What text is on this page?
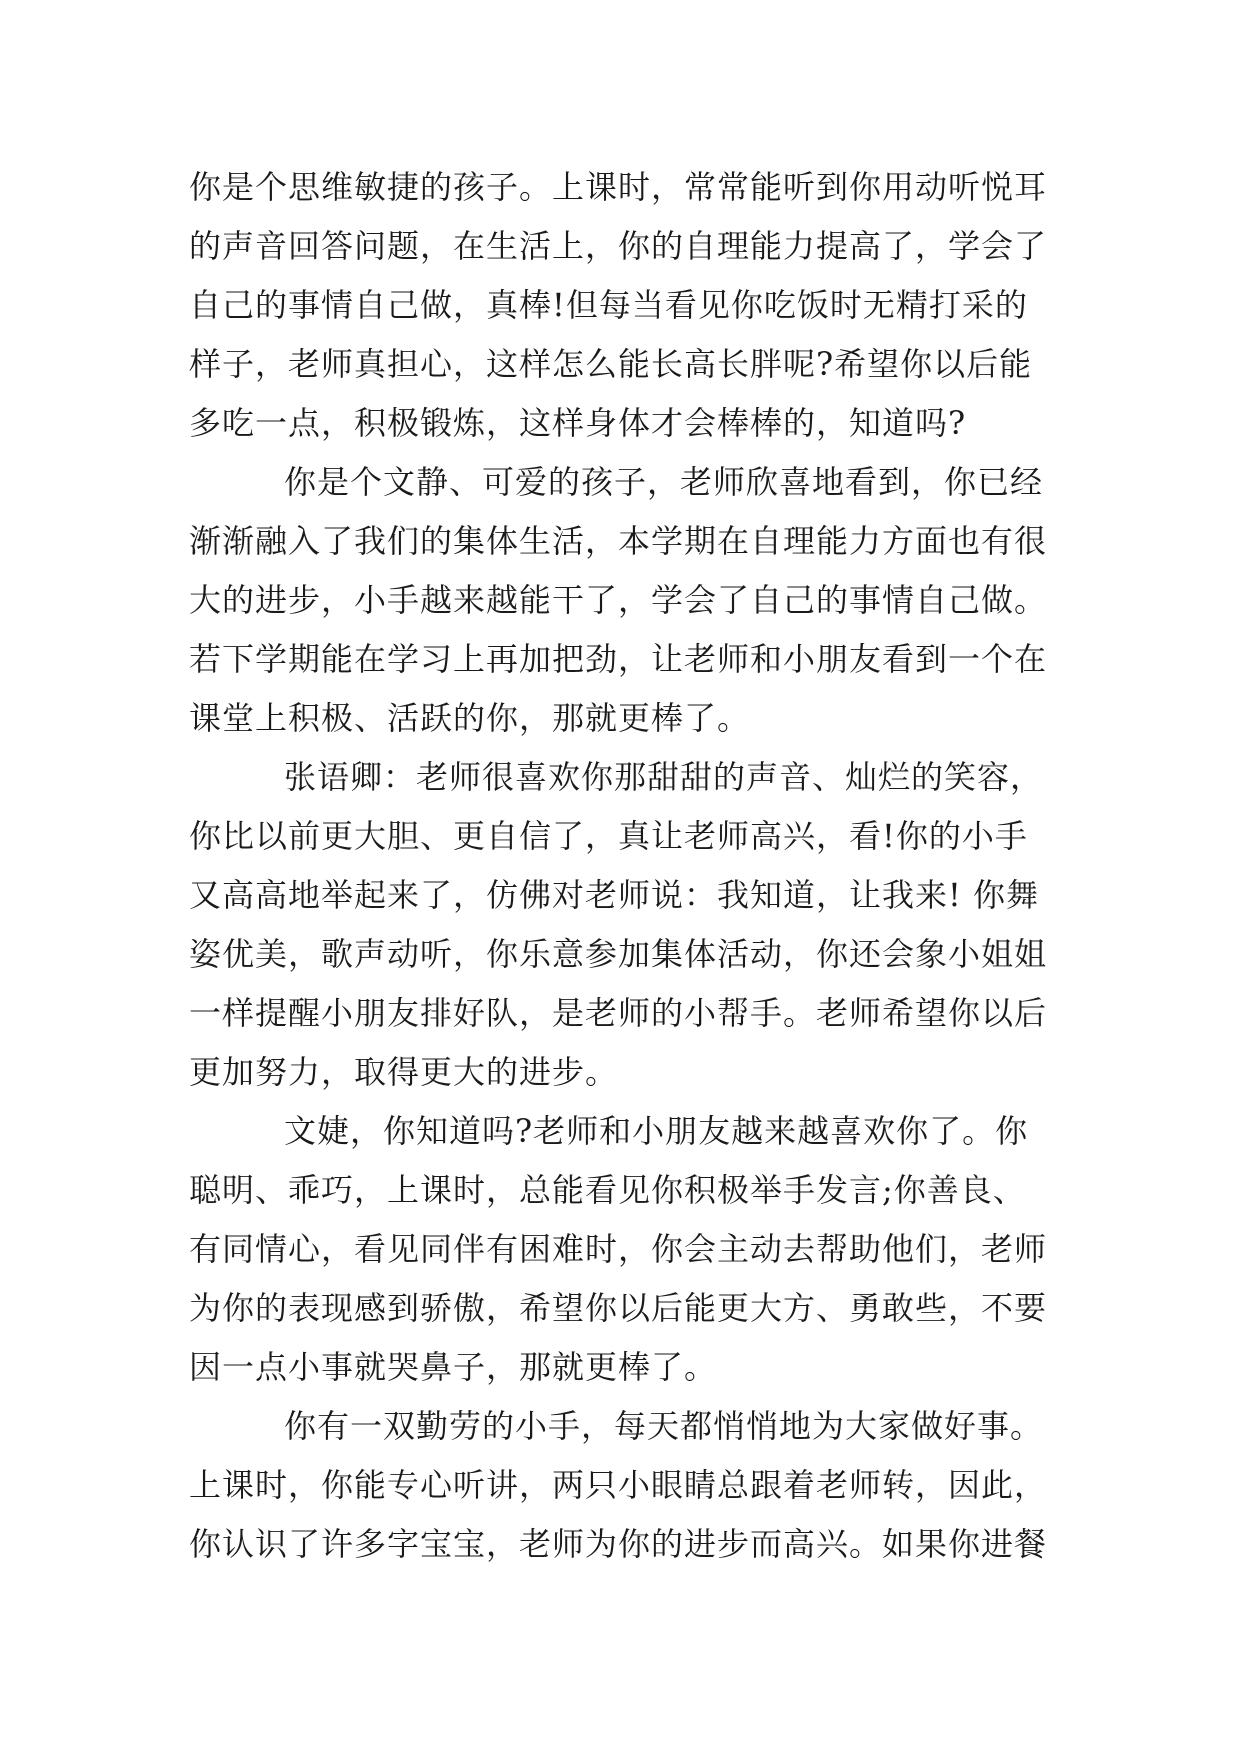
你是个思维敏捷的孩子。上课时，常常能听到你用动听悦耳
的声音回答问题，在生活上，你的自理能力提高了，学会了
自己的事情自己做，真棒!但每当看见你吃饭时无精打采的
样子，老师真担心，这样怎么能长高长胖呢?希望你以后能
多吃一点，积极锻炼，这样身体才会棒棒的，知道吗?
你是个文静、可爱的孩子，老师欣喜地看到，你已经
渐渐融入了我们的集体生活，本学期在自理能力方面也有很
大的进步，小手越来越能干了，学会了自己的事情自己做。
若下学期能在学习上再加把劲，让老师和小朋友看到一个在
课堂上积极、活跃的你，那就更棒了。
张语卿：老师很喜欢你那甜甜的声音、灿烂的笑容，
你比以前更大胆、更自信了，真让老师高兴，看!你的小手
又高高地举起来了，仿佛对老师说：我知道，让我来! 你舞
姿优美，歌声动听，你乐意参加集体活动，你还会象小姐姐
一样提醒小朋友排好队，是老师的小帮手。老师希望你以后
更加努力，取得更大的进步。
文婕，你知道吗?老师和小朋友越来越喜欢你了。你
聪明、乖巧，上课时，总能看见你积极举手发言;你善良、
有同情心，看见同伴有困难时，你会主动去帮助他们，老师
为你的表现感到骄傲，希望你以后能更大方、勇敢些，不要
因一点小事就哭鼻子，那就更棒了。
你有一双勤劳的小手，每天都悄悄地为大家做好事。
上课时，你能专心听讲，两只小眼睛总跟着老师转，因此，
你认识了许多字宝宝，老师为你的进步而高兴。如果你进餐
